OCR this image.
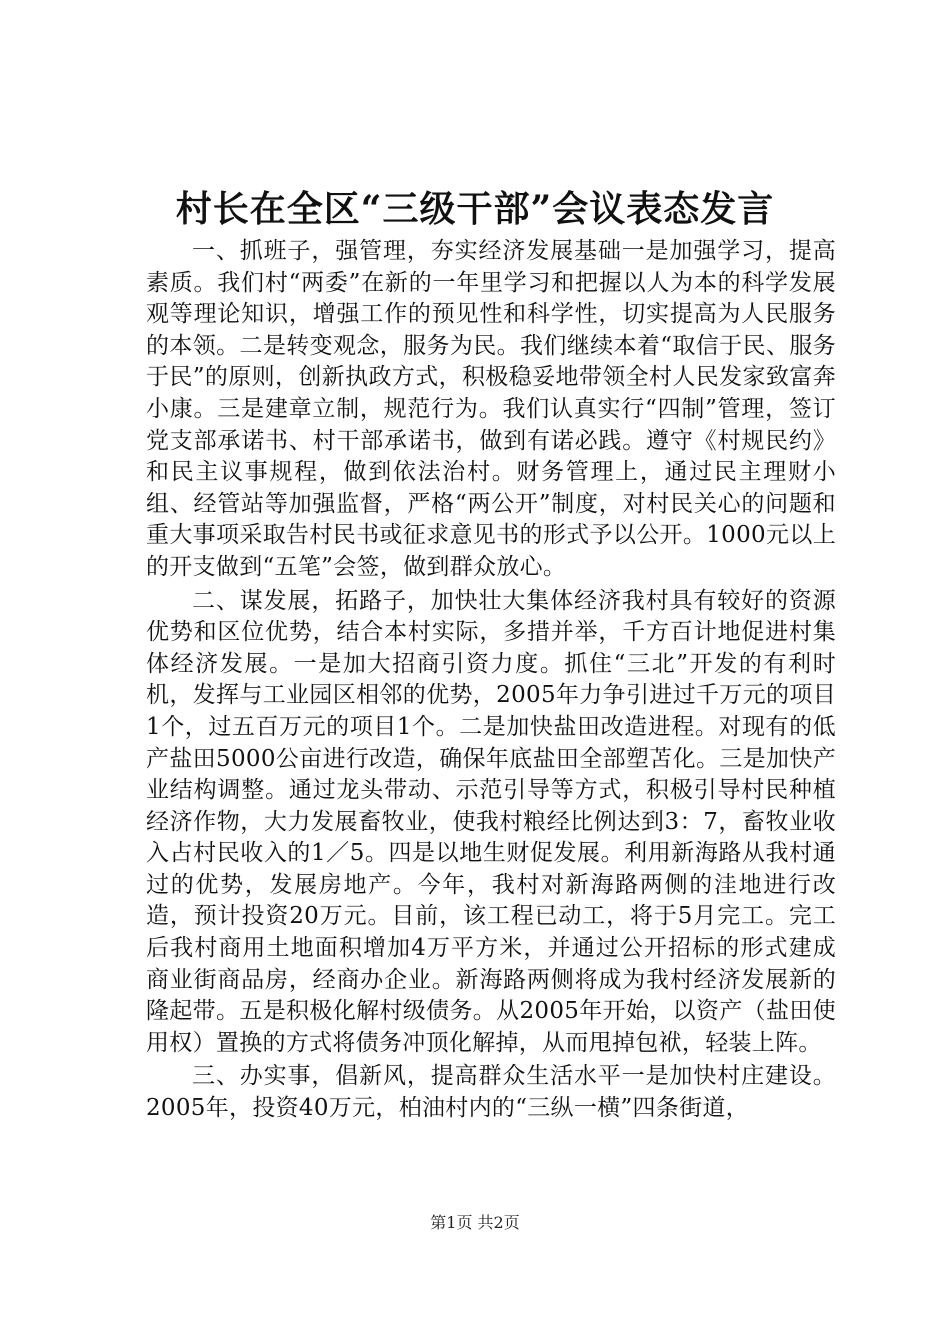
村长在全区“三级干部”会议表态发言

一、抓班子，强管理，夯实经济发展基础一是加强学习，提高素质。我们村“两委”在新的一年里学习和把握以人为本的科学发展观等理论知识，增强工作的预见性和科学性，切实提高为人民服务的本领。二是转变观念，服务为民。我们继续本着“取信于民、服务于民”的原则，创新执政方式，积极稳妥地带领全村人民发家致富奔小康。三是建章立制，规范行为。我们认真实行“四制”管理，签订党支部承诺书、村干部承诺书，做到有诺必践。遵守《村规民约》和民主议事规程，做到依法治村。财务管理上，通过民主理财小组、经管站等加强监督，严格“两公开”制度，对村民关心的问题和重大事项采取告村民书或征求意见书的形式予以公开。1000元以上的开支做到“五笔”会签，做到群众放心。

二、谋发展，拓路子，加快壮大集体经济我村具有较好的资源优势和区位优势，结合本村实际，多措并举，千方百计地促进村集体经济发展。一是加大招商引资力度。抓住“三北”开发的有利时机，发挥与工业园区相邻的优势，2005年力争引进过千万元的项目1个，过五百万元的项目1个。二是加快盐田改造进程。对现有的低产盐田5000公亩进行改造，确保年底盐田全部塑苫化。三是加快产业结构调整。通过龙头带动、示范引导等方式，积极引导村民种植经济作物，大力发展畜牧业，使我村粮经比例达到3：7，畜牧业收入占村民收入的1／5。四是以地生财促发展。利用新海路从我村通过的优势，发展房地产。今年，我村对新海路两侧的洼地进行改造，预计投资20万元。目前，该工程已动工，将于5月完工。完工后我村商用土地面积增加4万平方米，并通过公开招标的形式建成商业街商品房，经商办企业。新海路两侧将成为我村经济发展新的隆起带。五是积极化解村级债务。从2005年开始，以资产（盐田使用权）置换的方式将债务冲顶化解掉，从而甩掉包袱，轻装上阵。

三、办实事，倡新风，提高群众生活水平一是加快村庄建设。2005年，投资40万元，柏油村内的“三纵一横”四条街道，

第1页 共2页
